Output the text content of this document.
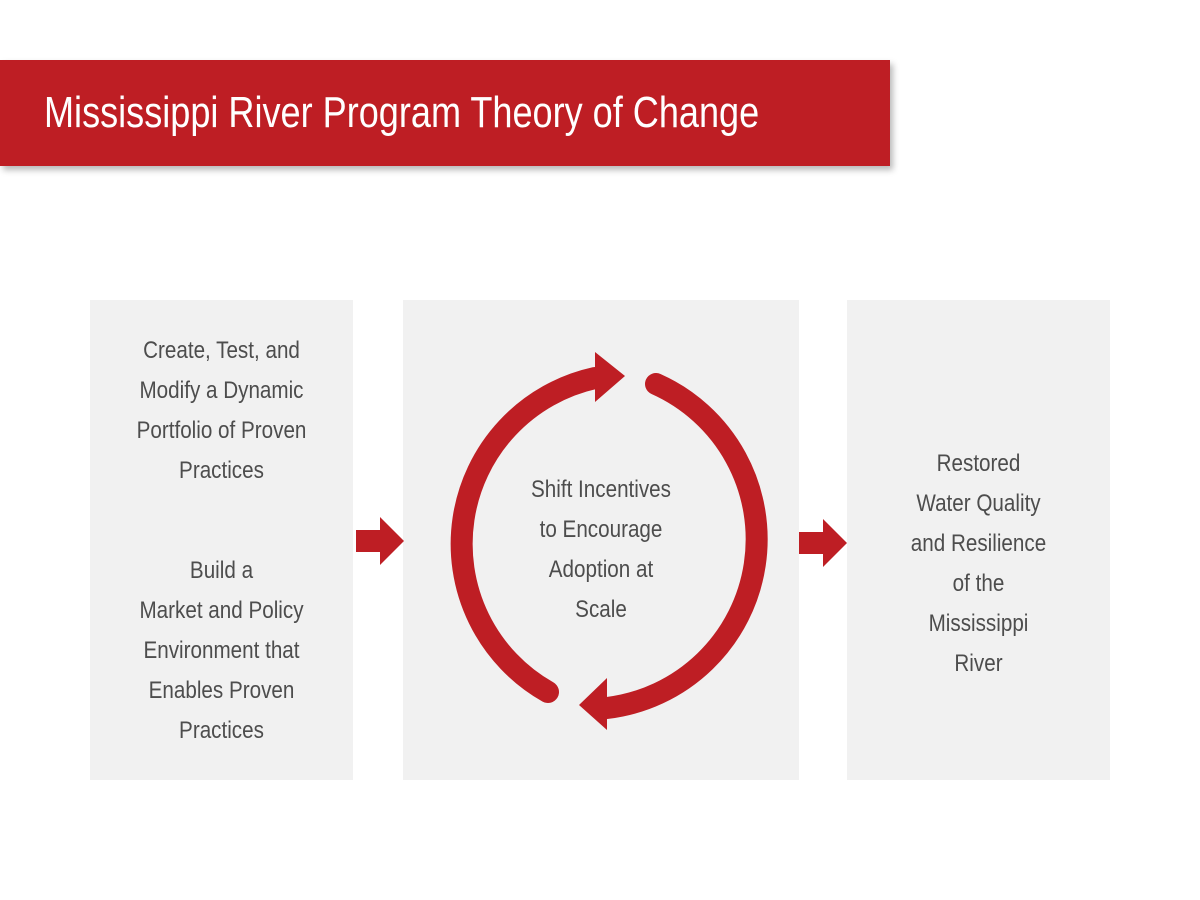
Mississippi River Program Theory of Change
Create, Test, and
Modify a Dynamic
Portfolio of Proven
Practices
Build a
Market and Policy
Environment that
Enables Proven
Practices
Shift Incentives
to Encourage
Adoption at
Scale
Restored
Water Quality
and Resilience
of the
Mississippi
River
